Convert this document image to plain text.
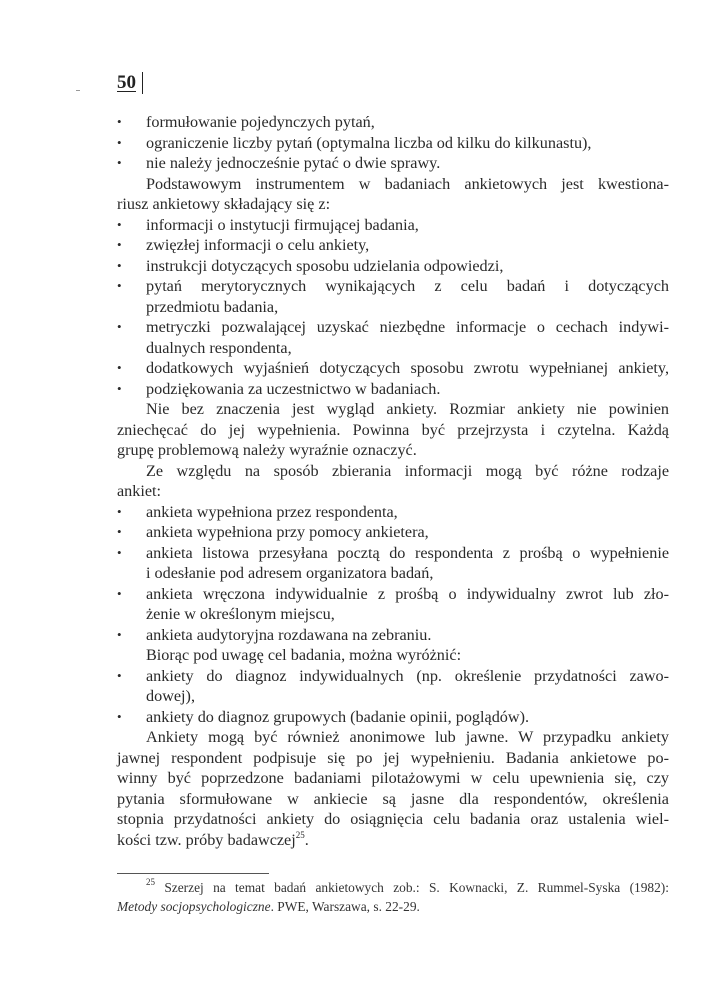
50
• formułowanie pojedynczych pytań,
• ograniczenie liczby pytań (optymalna liczba od kilku do kilkunastu),
• nie należy jednocześnie pytać o dwie sprawy.
Podstawowym instrumentem w badaniach ankietowych jest kwestiona-
riusz ankietowy składający się z:
• informacji o instytucji firmującej badania,
• zwięzłej informacji o celu ankiety,
• instrukcji dotyczących sposobu udzielania odpowiedzi,
• pytań merytorycznych wynikających z celu badań i dotyczących
przedmiotu badania,
• metryczki pozwalającej uzyskać niezbędne informacje o cechach indywi-
dualnych respondenta,
• dodatkowych wyjaśnień dotyczących sposobu zwrotu wypełnianej ankiety,
• podziękowania za uczestnictwo w badaniach.
Nie bez znaczenia jest wygląd ankiety. Rozmiar ankiety nie powinien
zniechęcać do jej wypełnienia. Powinna być przejrzysta i czytelna. Każdą
grupę problemową należy wyraźnie oznaczyć.
Ze względu na sposób zbierania informacji mogą być różne rodzaje
ankiet:
• ankieta wypełniona przez respondenta,
• ankieta wypełniona przy pomocy ankietera,
• ankieta listowa przesyłana pocztą do respondenta z prośbą o wypełnienie
i odesłanie pod adresem organizatora badań,
• ankieta wręczona indywidualnie z prośbą o indywidualny zwrot lub zło-
żenie w określonym miejscu,
• ankieta audytoryjna rozdawana na zebraniu.
Biorąc pod uwagę cel badania, można wyróżnić:
• ankiety do diagnoz indywidualnych (np. określenie przydatności zawo-
dowej),
• ankiety do diagnoz grupowych (badanie opinii, poglądów).
Ankiety mogą być również anonimowe lub jawne. W przypadku ankiety
jawnej respondent podpisuje się po jej wypełnieniu. Badania ankietowe po-
winny być poprzedzone badaniami pilotażowymi w celu upewnienia się, czy
pytania sformułowane w ankiecie są jasne dla respondentów, określenia
stopnia przydatności ankiety do osiągnięcia celu badania oraz ustalenia wiel-
kości tzw. próby badawczej$^{25}$.
$^{25}$ Szerzej na temat badań ankietowych zob.: S. Kownacki, Z. Rummel-Syska (1982):
Metody socjopsychologiczne. PWE, Warszawa, s. 22-29.
